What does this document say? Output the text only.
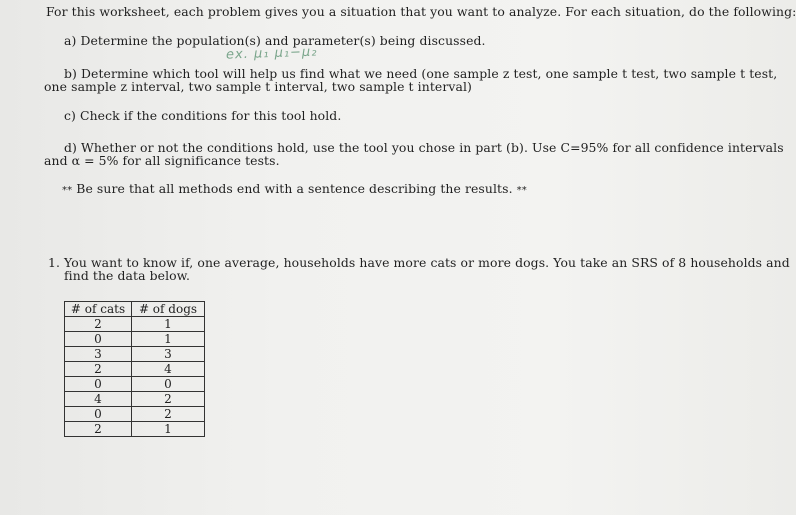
For this worksheet, each problem gives you a situation that you want to analyze. For each situation, do the following:
a) Determine the population(s) and parameter(s) being discussed.
ex. μ₁ μ₁−μ₂
b) Determine which tool will help us find what we need (one sample z test, one sample t test, two sample t test,
one sample z interval, two sample t interval, two sample t interval)
c) Check if the conditions for this tool hold.
d) Whether or not the conditions hold, use the tool you chose in part (b). Use C=95% for all confidence intervals
and α = 5% for all significance tests.
** Be sure that all methods end with a sentence describing the results. **
1. You want to know if, one average, households have more cats or more dogs. You take an SRS of 8 households and
find the data below.
# of cats	# of dogs
2	1
0	1
3	3
2	4
0	0
4	2
0	2
2	1
